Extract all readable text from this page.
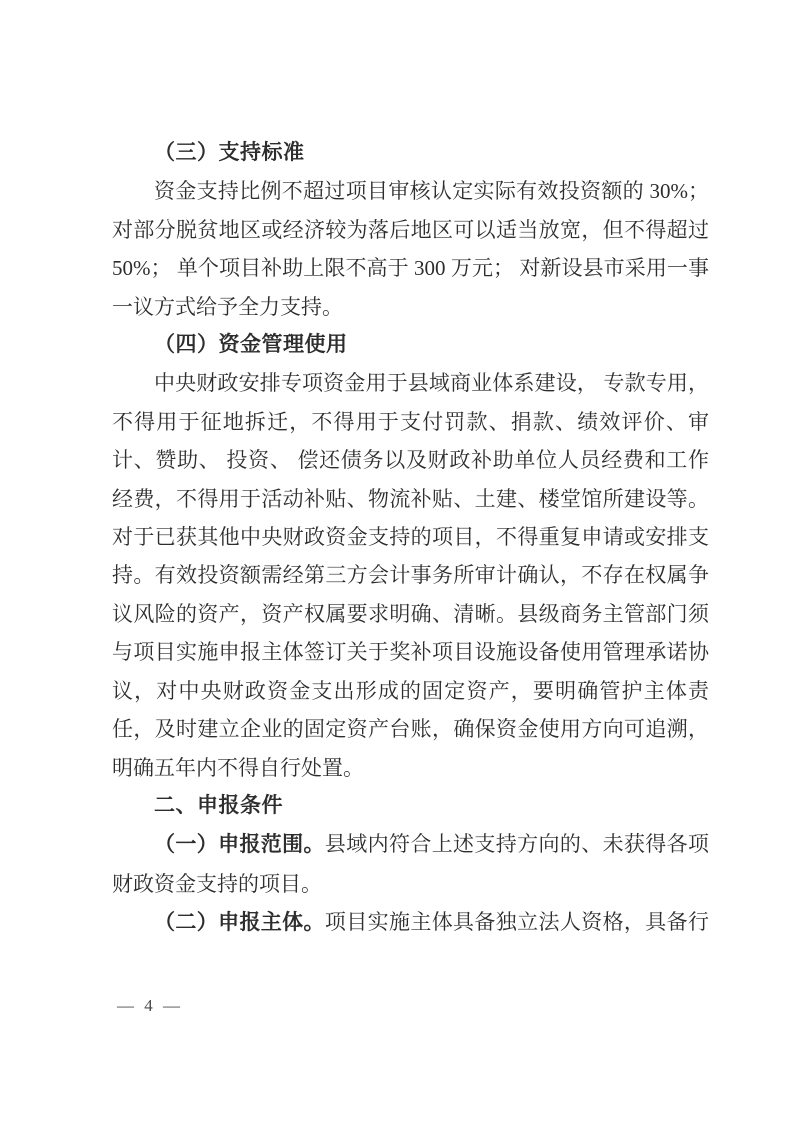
（三）支持标准

资金支持比例不超过项目审核认定实际有效投资额的 30%；对部分脱贫地区或经济较为落后地区可以适当放宽，但不得超过 50%； 单个项目补助上限不高于 300 万元； 对新设县市采用一事一议方式给予全力支持。

（四）资金管理使用

中央财政安排专项资金用于县域商业体系建设， 专款专用，不得用于征地拆迁，不得用于支付罚款、捐款、绩效评价、审计、赞助、 投资、 偿还债务以及财政补助单位人员经费和工作经费，不得用于活动补贴、物流补贴、土建、楼堂馆所建设等。对于已获其他中央财政资金支持的项目，不得重复申请或安排支持。有效投资额需经第三方会计事务所审计确认，不存在权属争议风险的资产，资产权属要求明确、清晰。县级商务主管部门须与项目实施申报主体签订关于奖补项目设施设备使用管理承诺协议，对中央财政资金支出形成的固定资产，要明确管护主体责任，及时建立企业的固定资产台账，确保资金使用方向可追溯，明确五年内不得自行处置。

二、申报条件

（一）申报范围。县域内符合上述支持方向的、未获得各项财政资金支持的项目。

（二）申报主体。项目实施主体具备独立法人资格，具备行

— 4 —
